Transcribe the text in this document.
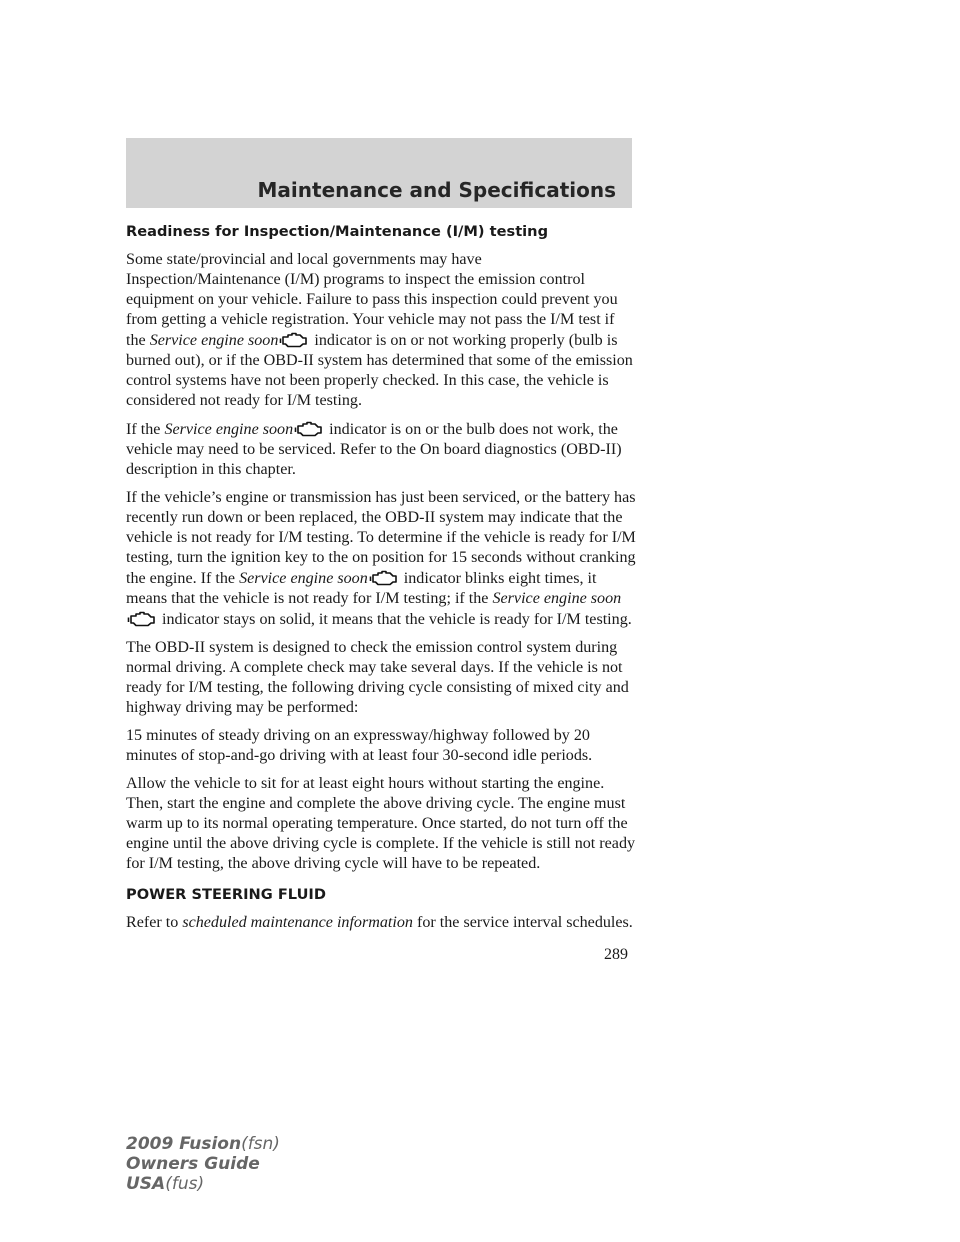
Maintenance and Specifications
Readiness for Inspection/Maintenance (I/M) testing

Some state/provincial and local governments may have Inspection/Maintenance (I/M) programs to inspect the emission control equipment on your vehicle. Failure to pass this inspection could prevent you from getting a vehicle registration. Your vehicle may not pass the I/M test if the Service engine soon
indicator is on or not working properly (bulb is burned out), or if the OBD-II system has determined that some of the emission control systems have not been properly checked. In this case, the vehicle is considered not ready for I/M testing.

If the Service engine soon
indicator is on or the bulb does not work, the vehicle may need to be serviced. Refer to the On board diagnostics (OBD-II) description in this chapter.

If the vehicle’s engine or transmission has just been serviced, or the battery has recently run down or been replaced, the OBD-II system may indicate that the vehicle is not ready for I/M testing. To determine if the vehicle is ready for I/M testing, turn the ignition key to the on position for 15 seconds without cranking the engine. If the Service engine soon
indicator blinks eight times, it means that the vehicle is not ready for I/M testing; if the Service engine soon
indicator stays on solid, it means that the vehicle is ready for I/M testing.

The OBD-II system is designed to check the emission control system during normal driving. A complete check may take several days. If the vehicle is not ready for I/M testing, the following driving cycle consisting of mixed city and highway driving may be performed:

15 minutes of steady driving on an expressway/highway followed by 20 minutes of stop-and-go driving with at least four 30-second idle periods.

Allow the vehicle to sit for at least eight hours without starting the engine. Then, start the engine and complete the above driving cycle. The engine must warm up to its normal operating temperature. Once started, do not turn off the engine until the above driving cycle is complete. If the vehicle is still not ready for I/M testing, the above driving cycle will have to be repeated.

POWER STEERING FLUID

Refer to scheduled maintenance information for the service interval schedules.

289
2009 Fusion(fsn)
Owners Guide
USA(fus)
